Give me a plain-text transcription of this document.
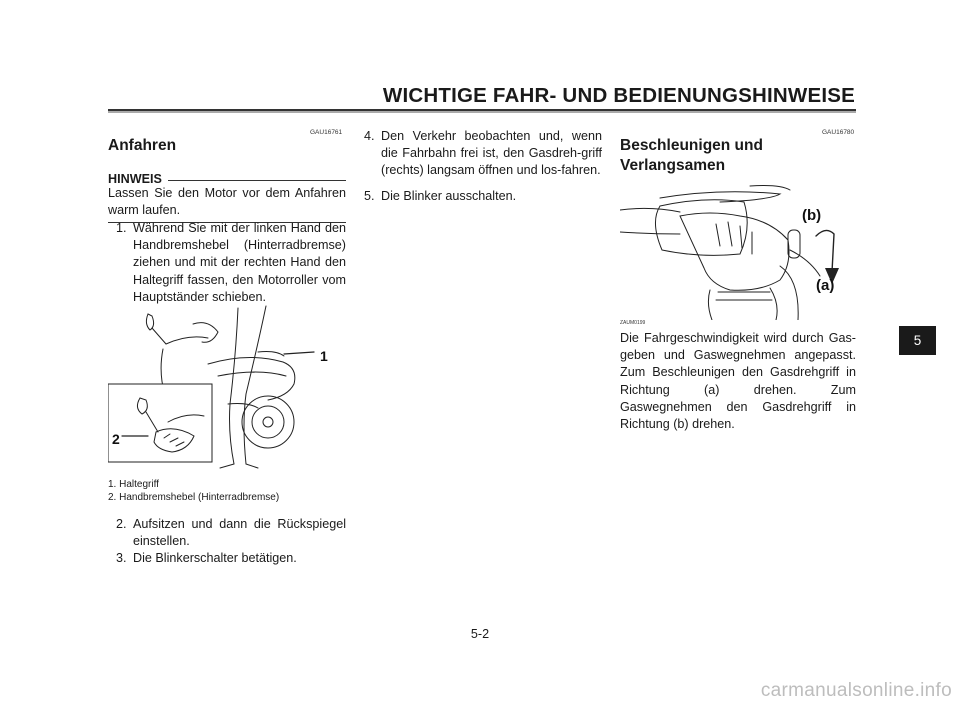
WICHTIGE FAHR- UND BEDIENUNGSHINWEISE
GAU16761
Anfahren
HINWEIS
Lassen Sie den Motor vor dem Anfahren warm laufen.
1. Während Sie mit der linken Hand den Handbremshebel (Hinterradbremse) ziehen und mit der rechten Hand den Haltegriff fassen, den Motorroller vom Hauptständer schieben.
1
2
1. Haltegriff
2. Handbremshebel (Hinterradbremse)
2. Aufsitzen und dann die Rückspiegel einstellen.
3. Die Blinkerschalter betätigen.
4. Den Verkehr beobachten und, wenn die Fahrbahn frei ist, den Gasdreh-griff (rechts) langsam öffnen und los-fahren.
5. Die Blinker ausschalten.
GAU16780
Beschleunigen und
Verlangsamen
(b)
(a)
ZAUM0199
Die Fahrgeschwindigkeit wird durch Gas-geben und Gaswegnehmen angepasst. Zum Beschleunigen den Gasdrehgriff in Richtung (a) drehen. Zum Gaswegnehmen den Gasdrehgriff in Richtung (b) drehen.
5
5-2
carmanualsonline.info
